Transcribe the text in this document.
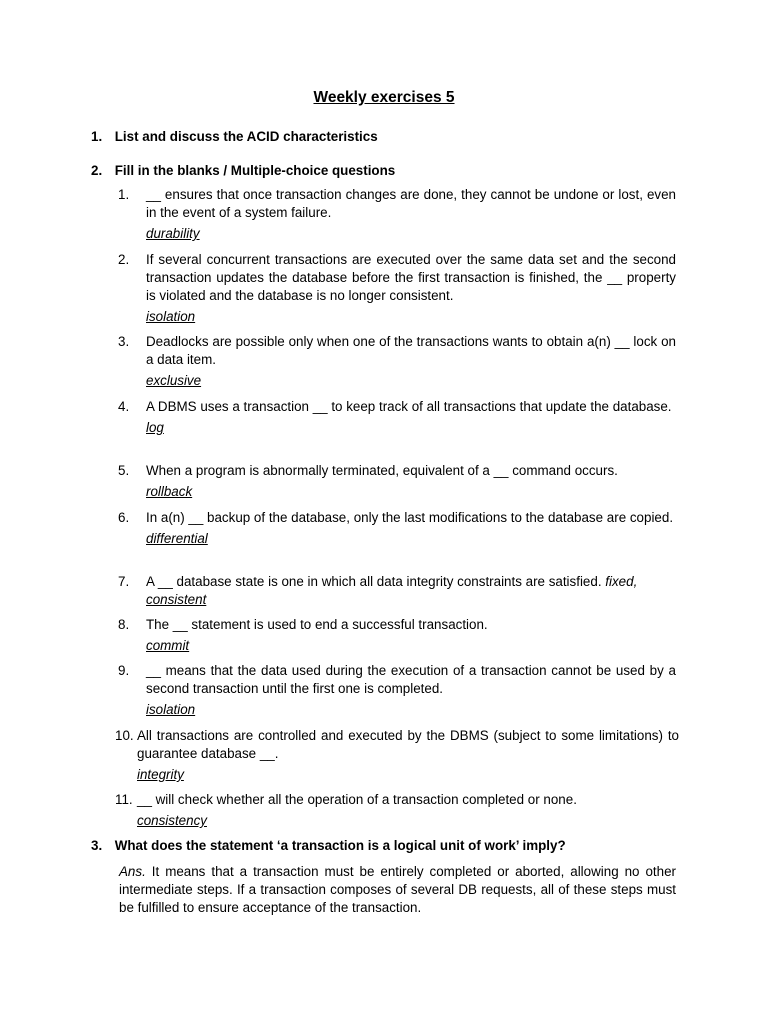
Weekly exercises 5
1. List and discuss the ACID characteristics
2. Fill in the blanks / Multiple-choice questions
1.	__ ensures that once transaction changes are done, they cannot be undone or lost, even in the event of a system failure.
durability
2.	If several concurrent transactions are executed over the same data set and the second transaction updates the database before the first transaction is finished, the __ property is violated and the database is no longer consistent.
isolation
3.	Deadlocks are possible only when one of the transactions wants to obtain a(n) __ lock on a data item.
exclusive
4.	A DBMS uses a transaction __ to keep track of all transactions that update the database.
log
5.	When a program is abnormally terminated, equivalent of a __ command occurs.
rollback
6.	In a(n) __ backup of the database, only the last modifications to the database are copied.
differential
7.	A __ database state is one in which all data integrity constraints are satisfied. fixed,
consistent
8.	The __ statement is used to end a successful transaction.
commit
9.	__ means that the data used during the execution of a transaction cannot be used by a second transaction until the first one is completed.
isolation
10. All transactions are controlled and executed by the DBMS (subject to some limitations) to guarantee database __.
integrity
11. __ will check whether all the operation of a transaction completed or none.
consistency
3. What does the statement ‘a transaction is a logical unit of work’ imply?
Ans. It means that a transaction must be entirely completed or aborted, allowing no other intermediate steps. If a transaction composes of several DB requests, all of these steps must be fulfilled to ensure acceptance of the transaction.
